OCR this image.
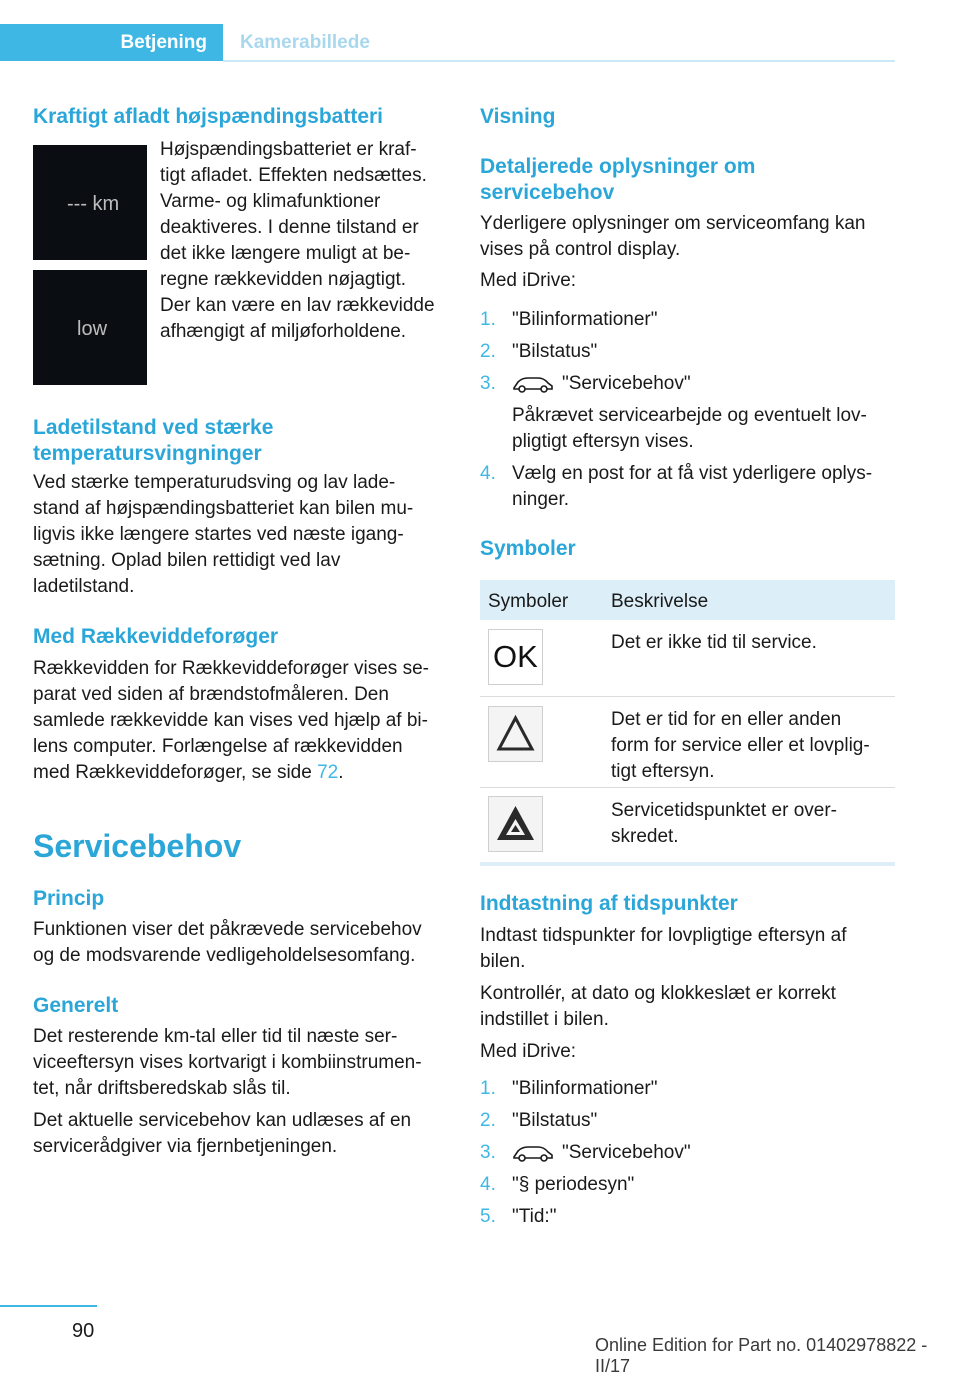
Betjening Kamerabillede
Kraftigt afladt højspændingsbatteri
--- km
low
Højspændingsbatteriet er kraf-
tigt afladet. Effekten nedsættes.
Varme- og klimafunktioner
deaktiveres. I denne tilstand er
det ikke længere muligt at be-
regne rækkevidden nøjagtigt.
Der kan være en lav rækkevidde
afhængigt af miljøforholdene.
Ladetilstand ved stærke temperatursvingninger
Ved stærke temperaturudsving og lav lade-
stand af højspændingsbatteriet kan bilen mu-
ligvis ikke længere startes ved næste igang-
sætning. Oplad bilen rettidigt ved lav
ladetilstand.
Med Rækkeviddeforøger
Rækkevidden for Rækkeviddeforøger vises se-
parat ved siden af brændstofmåleren. Den
samlede rækkevidde kan vises ved hjælp af bi-
lens computer. Forlængelse af rækkevidden
med Rækkeviddeforøger, se side 72.
Servicebehov
Princip
Funktionen viser det påkrævede servicebehov
og de modsvarende vedligeholdelsesomfang.
Generelt
Det resterende km-tal eller tid til næste ser-
viceeftersyn vises kortvarigt i kombiinstrumen-
tet, når driftsberedskab slås til.
Det aktuelle servicebehov kan udlæses af en
servicerådgiver via fjernbetjeningen.
Visning
Detaljerede oplysninger om servicebehov
Yderligere oplysninger om serviceomfang kan
vises på control display.
Med iDrive:
1. "Bilinformationer"
2. "Bilstatus"
3.	"Servicebehov"
Påkrævet servicearbejde og eventuelt lov-
pligtigt eftersyn vises.
4. Vælg en post for at få vist yderligere oplys-
ninger.
Symboler
Symboler Beskrivelse
OK	Det er ikke tid til service.
Det er tid for en eller anden
form for service eller et lovplig-
tigt eftersyn.
Servicetidspunktet er over-
skredet.
Indtastning af tidspunkter
Indtast tidspunkter for lovpligtige eftersyn af
bilen.
Kontrollér, at dato og klokkeslæt er korrekt
indstillet i bilen.
Med iDrive:
1. "Bilinformationer"
2. "Bilstatus"
3.	"Servicebehov"
4. "§ periodesyn"
5. "Tid:"
90
Online Edition for Part no. 01402978822 - II/17
